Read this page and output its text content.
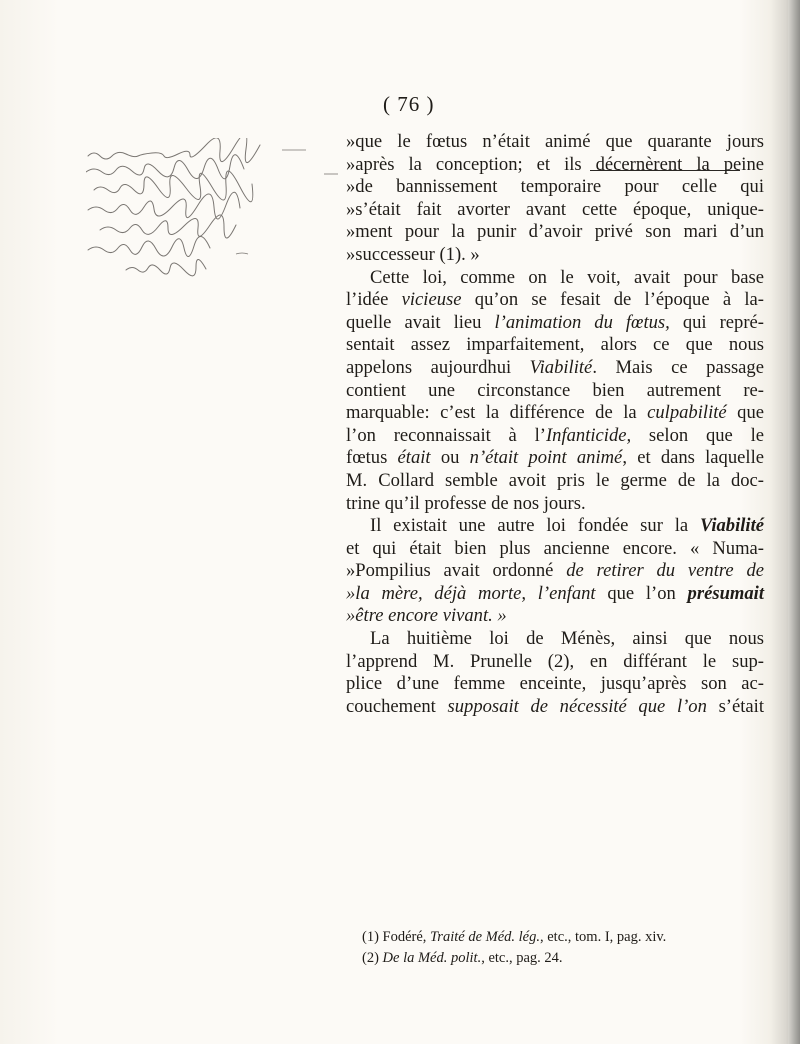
( 76 )
»que le fœtus n’était animé que quarante jours
»après la conception; et ils décernèrent la peine
»de bannissement temporaire pour celle qui
»s’était fait avorter avant cette époque, unique-
»ment pour la punir d’avoir privé son mari d’un
»successeur (1). »
Cette loi, comme on le voit, avait pour base
l’idée vicieuse qu’on se fesait de l’époque à la-
quelle avait lieu l’animation du fœtus, qui repré-
sentait assez imparfaitement, alors ce que nous
appelons aujourdhui Viabilité. Mais ce passage
contient une circonstance bien autrement re-
marquable: c’est la différence de la culpabilité que
l’on reconnaissait à l’Infanticide, selon que le
fœtus était ou n’était point animé, et dans laquelle
M. Collard semble avoit pris le germe de la doc-
trine qu’il professe de nos jours.
Il existait une autre loi fondée sur la Viabilité
et qui était bien plus ancienne encore. « Numa-
»Pompilius avait ordonné de retirer du ventre de
»la mère, déjà morte, l’enfant que l’on présumait
»être encore vivant. »
La huitième loi de Ménès, ainsi que nous
l’apprend M. Prunelle (2), en différant le sup-
plice d’une femme enceinte, jusqu’après son ac-
couchement supposait de nécessité que l’on s’était
(1) Fodéré, Traité de Méd. lég., etc., tom. I, pag. xiv.
(2) De la Méd. polit., etc., pag. 24.
